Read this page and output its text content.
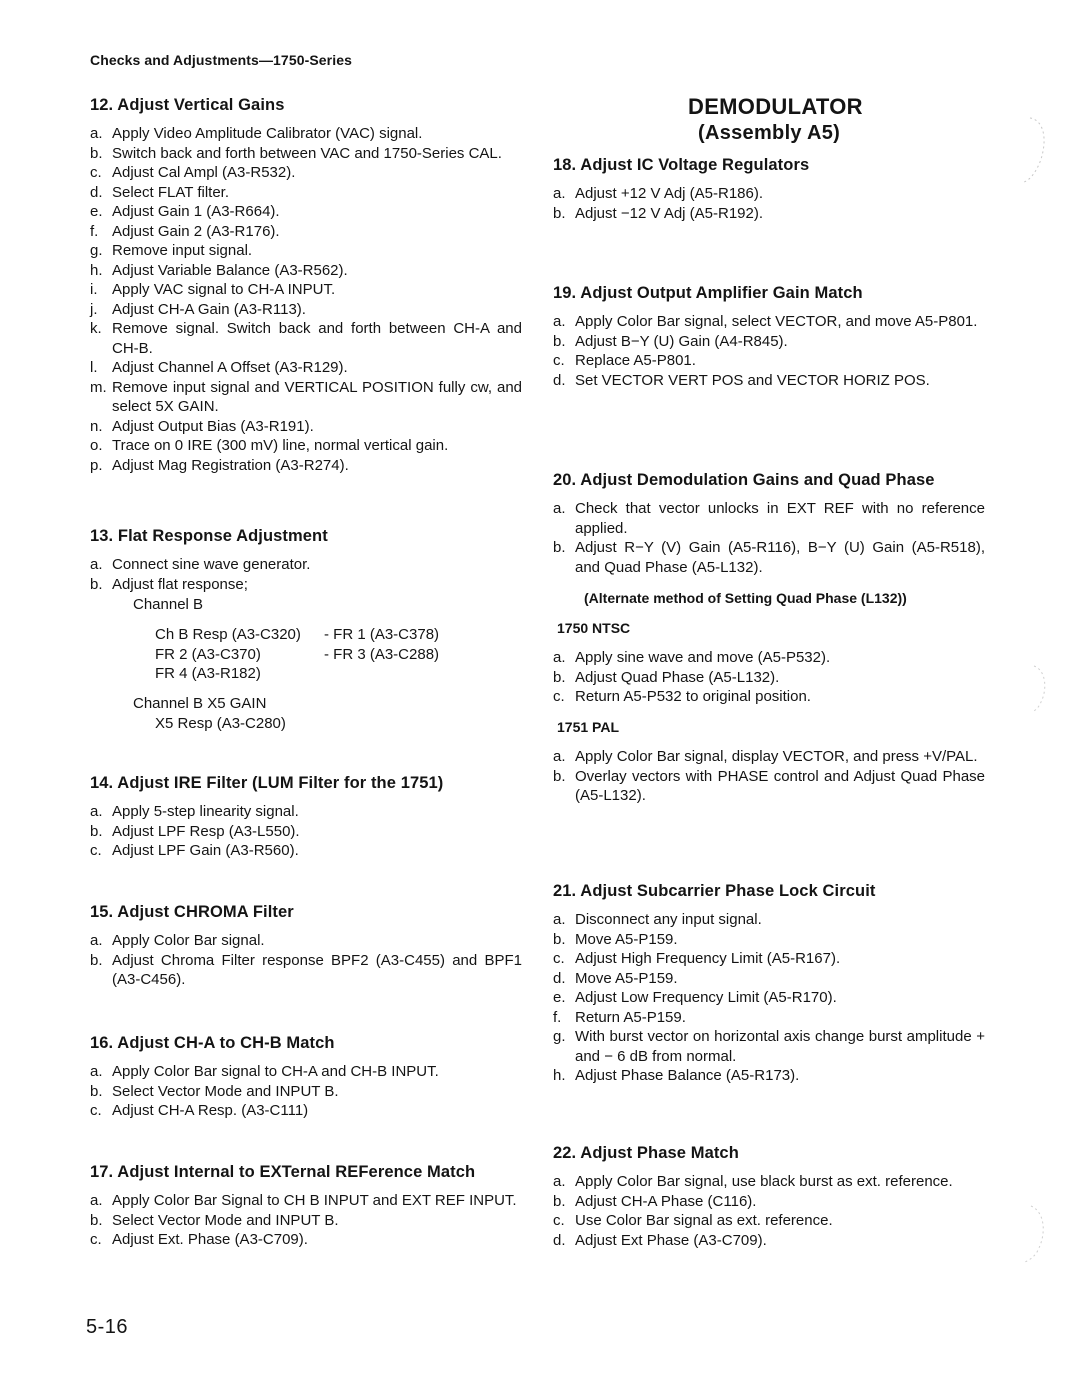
Checks and Adjustments—1750-Series
12. Adjust Vertical Gains
a. Apply Video Amplitude Calibrator (VAC) signal.
b. Switch back and forth between VAC and 1750-Series CAL.
c. Adjust Cal Ampl (A3-R532).
d. Select FLAT filter.
e. Adjust Gain 1 (A3-R664).
f. Adjust Gain 2 (A3-R176).
g. Remove input signal.
h. Adjust Variable Balance (A3-R562).
i. Apply VAC signal to CH-A INPUT.
j. Adjust CH-A Gain (A3-R113).
k. Remove signal. Switch back and forth between CH-A and CH-B.
l. Adjust Channel A Offset (A3-R129).
m. Remove input signal and VERTICAL POSITION fully cw, and select 5X GAIN.
n. Adjust Output Bias (A3-R191).
o. Trace on 0 IRE (300 mV) line, normal vertical gain.
p. Adjust Mag Registration (A3-R274).
13. Flat Response Adjustment
a. Connect sine wave generator.
b. Adjust flat response;
Channel B
Ch B Resp (A3-C320) - FR 1 (A3-C378)
FR 2 (A3-C370)	- FR 3 (A3-C288)
FR 4 (A3-R182)
Channel B X5 GAIN
X5 Resp (A3-C280)
14. Adjust IRE Filter (LUM Filter for the 1751)
a. Apply 5-step linearity signal.
b. Adjust LPF Resp (A3-L550).
c. Adjust LPF Gain (A3-R560).
15. Adjust CHROMA Filter
a. Apply Color Bar signal.
b. Adjust Chroma Filter response BPF2 (A3-C455) and BPF1 (A3-C456).
16. Adjust CH-A to CH-B Match
a. Apply Color Bar signal to CH-A and CH-B INPUT.
b. Select Vector Mode and INPUT B.
c. Adjust CH-A Resp. (A3-C111)
17. Adjust Internal to EXTernal REFerence Match
a. Apply Color Bar Signal to CH B INPUT and EXT REF INPUT.
b. Select Vector Mode and INPUT B.
c. Adjust Ext. Phase (A3-C709).
DEMODULATOR
(Assembly A5)
18. Adjust IC Voltage Regulators
a. Adjust +12 V Adj (A5-R186).
b. Adjust −12 V Adj (A5-R192).
19. Adjust Output Amplifier Gain Match
a. Apply Color Bar signal, select VECTOR, and move A5-P801.
b. Adjust B−Y (U) Gain (A4-R845).
c. Replace A5-P801.
d. Set VECTOR VERT POS and VECTOR HORIZ POS.
20. Adjust Demodulation Gains and Quad Phase
a. Check that vector unlocks in EXT REF with no reference applied.
b. Adjust R−Y (V) Gain (A5-R116), B−Y (U) Gain (A5-R518), and Quad Phase (A5-L132).
(Alternate method of Setting Quad Phase (L132))
1750 NTSC
a. Apply sine wave and move (A5-P532).
b. Adjust Quad Phase (A5-L132).
c. Return A5-P532 to original position.
1751 PAL
a. Apply Color Bar signal, display VECTOR, and press +V/PAL.
b. Overlay vectors with PHASE control and Adjust Quad Phase (A5-L132).
21. Adjust Subcarrier Phase Lock Circuit
a. Disconnect any input signal.
b. Move A5-P159.
c. Adjust High Frequency Limit (A5-R167).
d. Move A5-P159.
e. Adjust Low Frequency Limit (A5-R170).
f. Return A5-P159.
g. With burst vector on horizontal axis change burst amplitude + and − 6 dB from normal.
h. Adjust Phase Balance (A5-R173).
22. Adjust Phase Match
a. Apply Color Bar signal, use black burst as ext. reference.
b. Adjust CH-A Phase (C116).
c. Use Color Bar signal as ext. reference.
d. Adjust Ext Phase (A3-C709).
5-16
